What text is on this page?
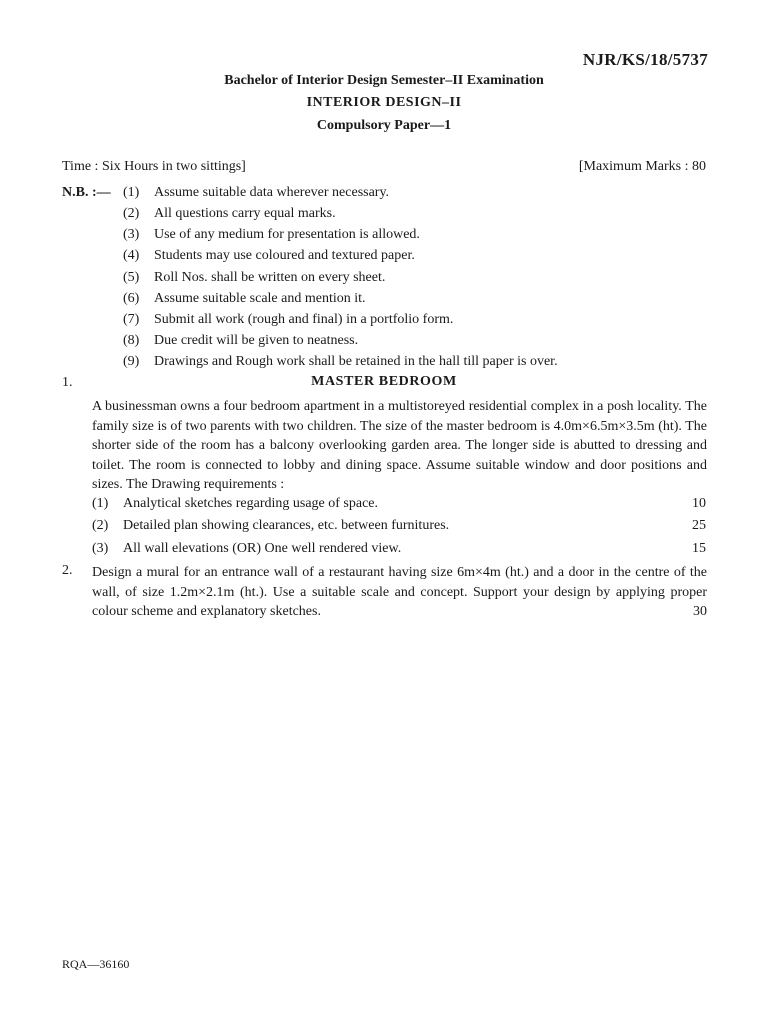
NJR/KS/18/5737
Bachelor of Interior Design Semester–II Examination
INTERIOR DESIGN–II
Compulsory Paper—1
Time : Six Hours in two sittings]	[Maximum Marks : 80
N.B. :— (1) Assume suitable data wherever necessary.
(2) All questions carry equal marks.
(3) Use of any medium for presentation is allowed.
(4) Students may use coloured and textured paper.
(5) Roll Nos. shall be written on every sheet.
(6) Assume suitable scale and mention it.
(7) Submit all work (rough and final) in a portfolio form.
(8) Due credit will be given to neatness.
(9) Drawings and Rough work shall be retained in the hall till paper is over.
1.	MASTER BEDROOM
A businessman owns a four bedroom apartment in a multistoreyed residential complex in a posh locality. The family size is of two parents with two children. The size of the master bedroom is 4.0m×6.5m×3.5m (ht). The shorter side of the room has a balcony overlooking garden area. The longer side is abutted to dressing and toilet. The room is connected to lobby and dining space. Assume suitable window and door positions and sizes. The Drawing requirements :
(1) Analytical sketches regarding usage of space.	10
(2) Detailed plan showing clearances, etc. between furnitures.	25
(3) All wall elevations (OR) One well rendered view.	15
2. Design a mural for an entrance wall of a restaurant having size 6m×4m (ht.) and a door in the centre of the wall, of size 1.2m×2.1m (ht.). Use a suitable scale and concept. Support your design by applying proper colour scheme and explanatory sketches.	30
RQA—36160
